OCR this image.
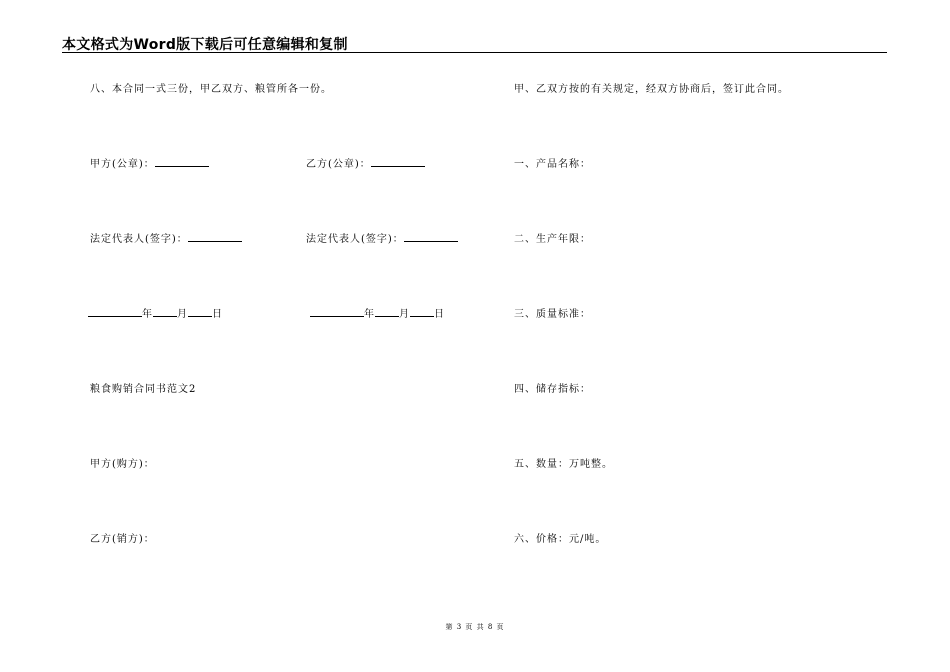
本文格式为Word版下载后可任意编辑和复制
八、本合同一式三份，甲乙双方、粮管所各一份。
甲方(公章)：	乙方(公章)：
法定代表人(签字)：	法定代表人(签字)：
年 月 日	年 月 日
粮食购销合同书范文2
甲方(购方)：
乙方(销方)：
甲、乙双方按的有关规定，经双方协商后，签订此合同。
一、产品名称：
二、生产年限：
三、质量标准：
四、储存指标：
五、数量：万吨整。
六、价格：元/吨。
第 3 页 共 8 页
